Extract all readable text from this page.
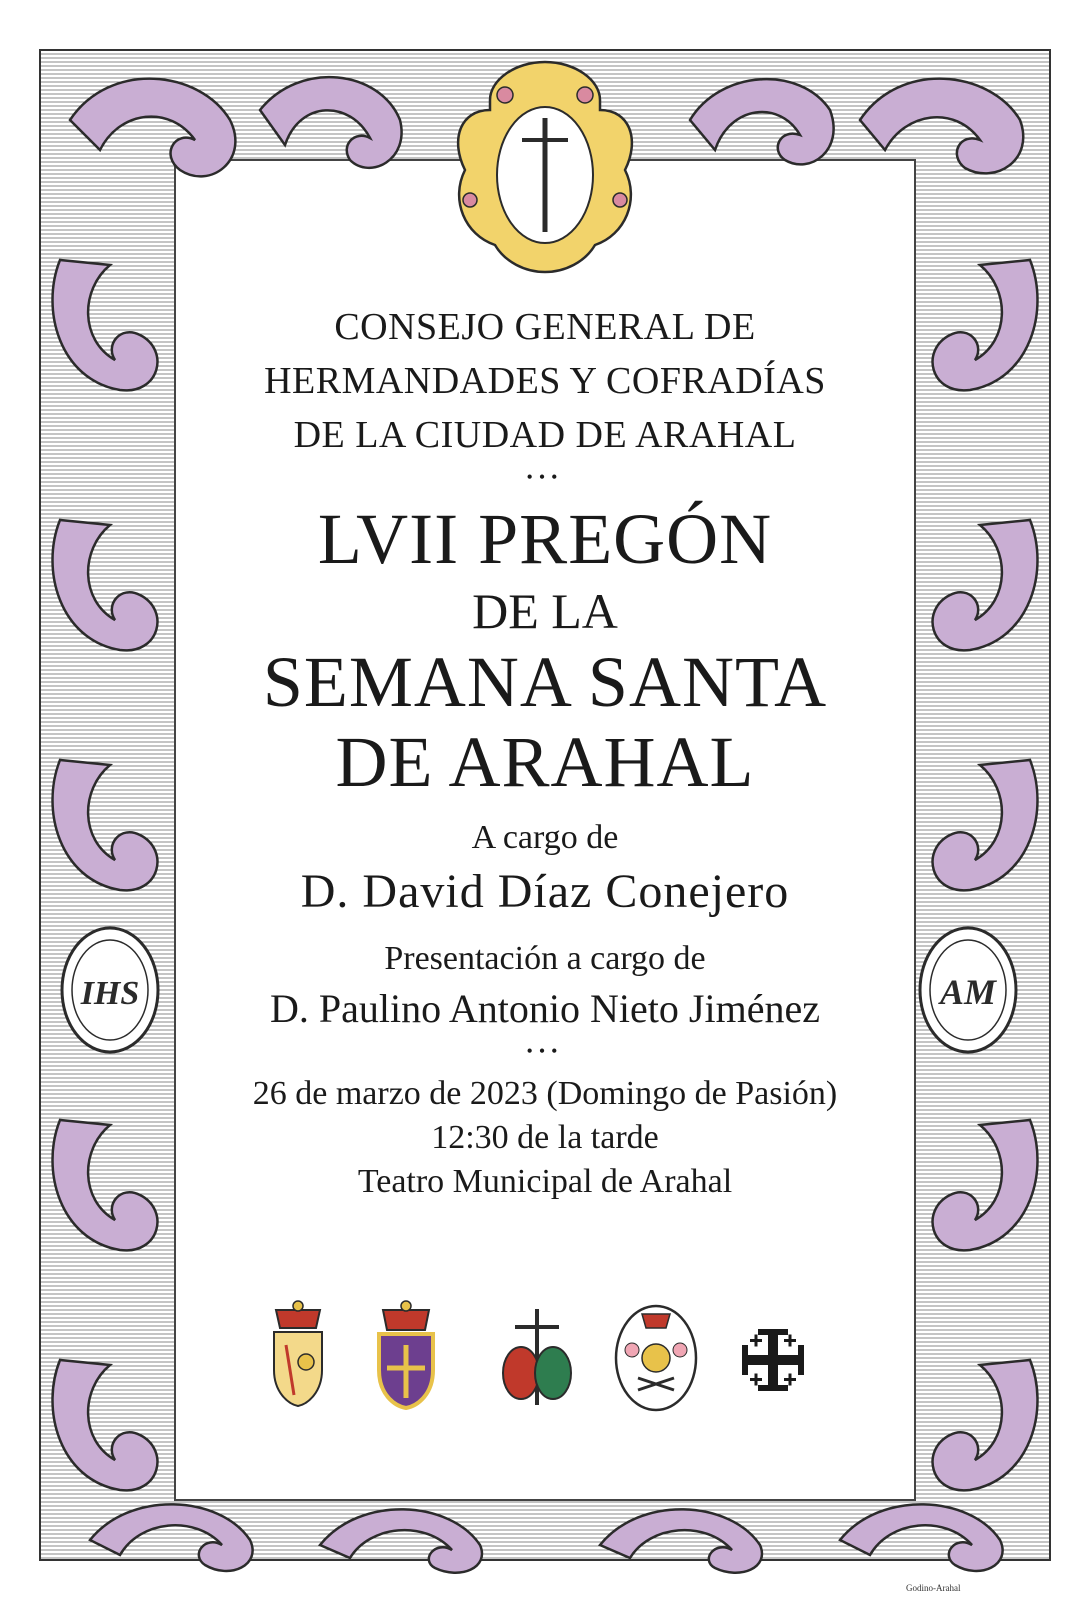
IHS	AM
CONSEJO GENERAL DE
HERMANDADES Y COFRADÍAS
DE LA CIUDAD DE ARAHAL
•••
LVII PREGÓN
DE LA
SEMANA SANTA
DE ARAHAL
A cargo de
D. David Díaz Conejero
Presentación a cargo de
D. Paulino Antonio Nieto Jiménez
•••
26 de marzo de 2023 (Domingo de Pasión)
12:30 de la tarde
Teatro Municipal de Arahal
Godino-Arahal
